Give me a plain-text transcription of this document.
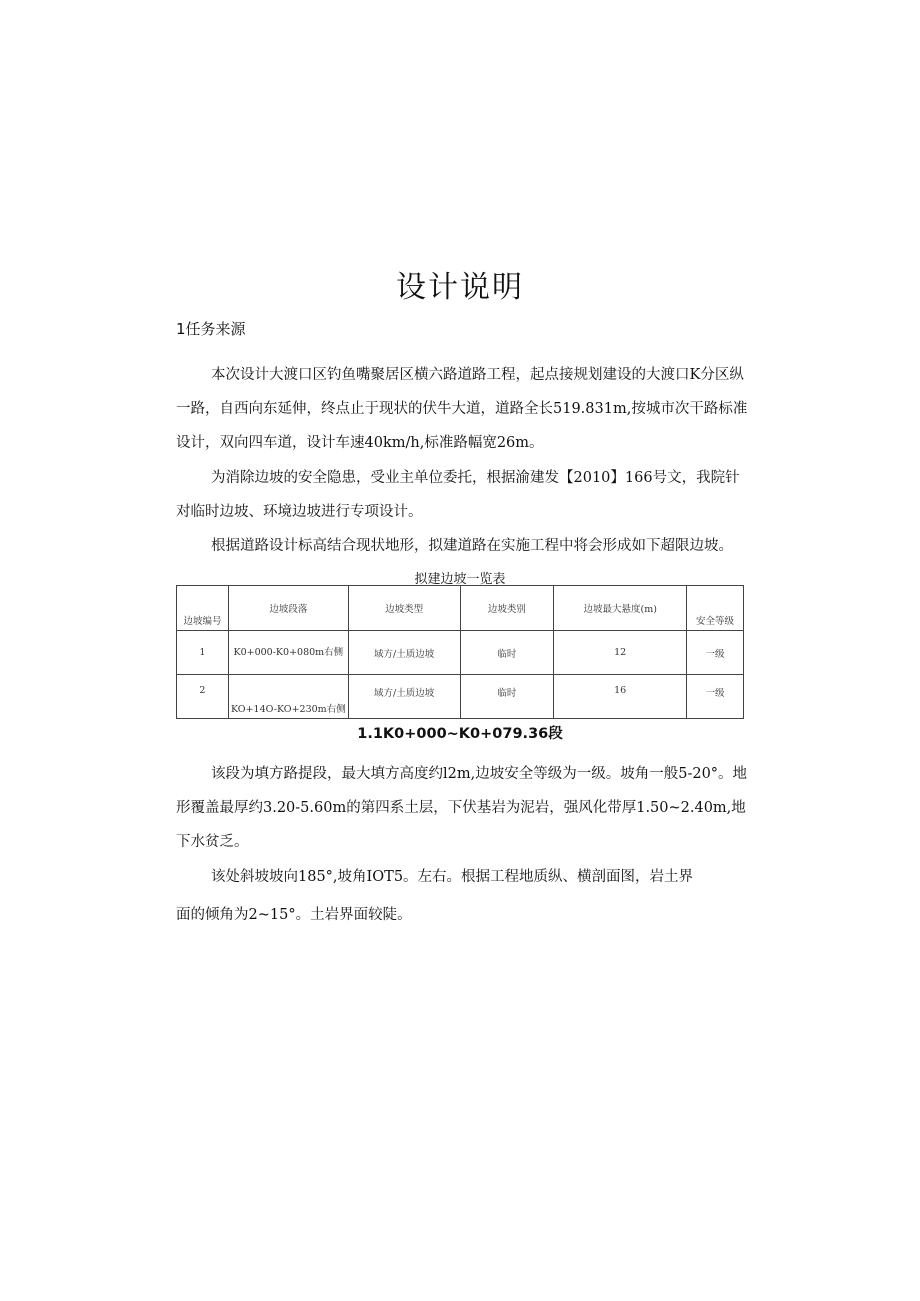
设计说明
1任务来源
本次设计大渡口区钓鱼嘴聚居区横六路道路工程，起点接规划建设的大渡口K分区纵一路，自西向东延伸，终点止于现状的伏牛大道，道路全长519.831m,按城市次干路标准设计，双向四车道，设计车速40km/h,标准路幅宽26m。
为消除边坡的安全隐患，受业主单位委托，根据渝建发【2010】166号文，我院针对临时边坡、环境边坡进行专项设计。
根据道路设计标高结合现状地形，拟建道路在实施工程中将会形成如下超限边坡。
拟建边坡一览表
边坡编号	边坡段落	边坡类型	边坡类别	边坡最大悬度(m)	安全等级
1	K0+000-K0+080m右侧	域方/土质边坡	临时	12	一级
2	KO+14O-KO+230m右侧	域方/土质边坡	临时	16	一级
1.1K0+000~K0+079.36段
该段为填方路提段，最大填方高度约l2m,边坡安全等级为一级。坡角一般5-20°。地形覆盖最厚约3.20-5.60m的第四系土层，下伏基岩为泥岩，强风化带厚1.50~2.40m,地下水贫乏。
该处斜坡坡向185°,坡角IOT5。左右。根据工程地质纵、横剖面图，岩土界
面的倾角为2~15°。土岩界面较陡。
